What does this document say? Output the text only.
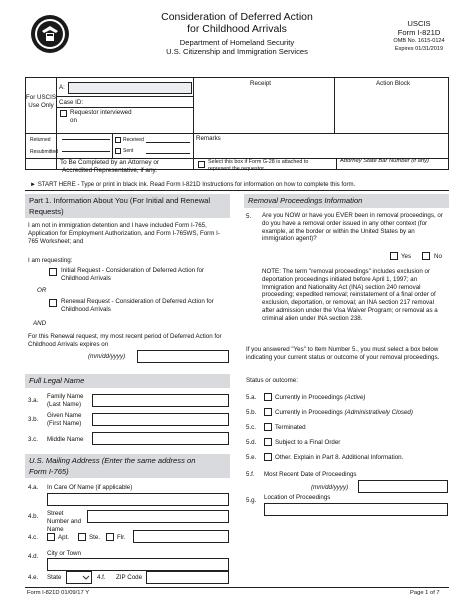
Consideration of Deferred Action
for Childhood Arrivals
Department of Homeland Security
U.S. Citizenship and Immigration Services
USCIS
Form I-821D
OMB No. 1615-0124
Expires 01/31/2019
For USCIS Use Only
Receipt	Action Block
A:
Case ID:
Requestor interviewed on
Returned
Resubmitted
Received
Sent
Remarks
To Be Completed by an Attorney or
Accredited Representative, if any.
Select this box if Form G-28 is attached to
represent the requestor.
Attorney State Bar Number (if any)
► START HERE - Type or print in black ink. Read Form I-821D Instructions for information on how to complete this form.
Part 1. Information About You (For Initial and Renewal Requests)
I am not in immigration detention and I have included Form I-765, Application for Employment Authorization, and Form I-765WS, Form I-765 Worksheet; and
I am requesting:
Initial Request - Consideration of Deferred Action for Childhood Arrivals
OR
Renewal Request - Consideration of Deferred Action for Childhood Arrivals
AND
For this Renewal request, my most recent period of Deferred Action for Childhood Arrivals expires on
(mm/dd/yyyy)
Full Legal Name
3.a.
Family Name (Last Name)
3.b.
Given Name (First Name)
3.c. Middle Name
U.S. Mailing Address (Enter the same address on
Form I-765)
4.a. In Care Of Name (if applicable)
4.b. Street Number and Name
4.c.	Apt.	Ste.	Flr.
4.d. City or Town
4.e. State	4.f. ZIP Code
Removal Proceedings Information
5. Are you NOW or have you EVER been in removal proceedings, or do you have a removal order issued in any other context (for example, at the border or within the United States by an immigration agent)?
Yes	No
NOTE: The term "removal proceedings" includes exclusion or deportation proceedings initiated before April 1, 1997; an Immigration and Nationality Act (INA) section 240 removal proceeding; expedited removal; reinstatement of a final order of exclusion, deportation, or removal; an INA section 217 removal after admission under the Visa Waiver Program; or removal as a criminal alien under INA section 238.
If you answered "Yes" to Item Number 5., you must select a box below indicating your current status or outcome of your removal proceedings.
Status or outcome:
5.a.	Currently in Proceedings (Active)
5.b.	Currently in Proceedings (Administratively Closed)
5.c.	Terminated
5.d.	Subject to a Final Order
5.e.	Other. Explain in Part 8. Additional Information.
5.f. Most Recent Date of Proceedings
(mm/dd/yyyy)
5.g. Location of Proceedings
Form I-821D 01/09/17 Y	Page 1 of 7
